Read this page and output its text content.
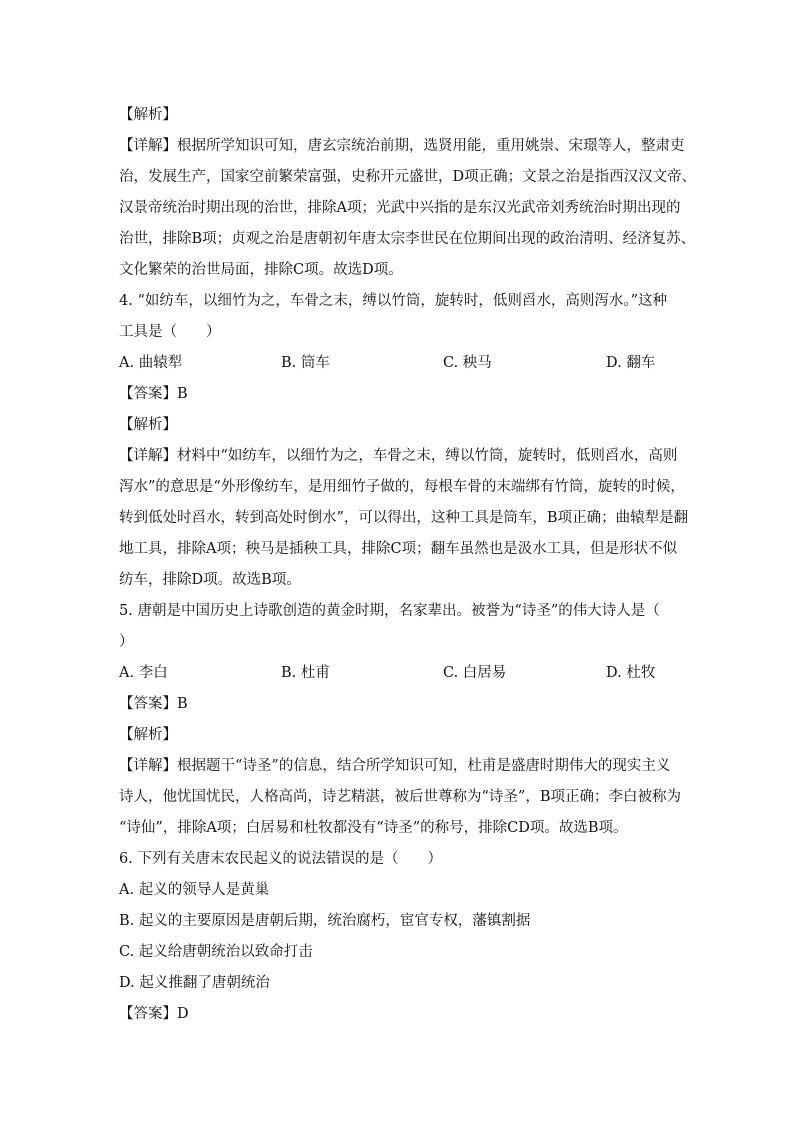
【解析】
【详解】根据所学知识可知，唐玄宗统治前期，选贤用能，重用姚崇、宋璟等人，整肃吏
治，发展生产，国家空前繁荣富强，史称开元盛世，D项正确；文景之治是指西汉汉文帝、
汉景帝统治时期出现的治世，排除A项；光武中兴指的是东汉光武帝刘秀统治时期出现的
治世，排除B项；贞观之治是唐朝初年唐太宗李世民在位期间出现的政治清明、经济复苏、
文化繁荣的治世局面，排除C项。故选D项。
4. “如纺车，以细竹为之，车骨之末，缚以竹筒，旋转时，低则舀水，高则泻水。”这种
工具是（　　）
A. 曲辕犁	B. 筒车	C. 秧马	D. 翻车
【答案】B
【解析】
【详解】材料中“如纺车，以细竹为之，车骨之末，缚以竹筒，旋转时，低则舀水，高则
泻水”的意思是“外形像纺车，是用细竹子做的，每根车骨的末端绑有竹筒，旋转的时候，
转到低处时舀水，转到高处时倒水”，可以得出，这种工具是筒车，B项正确；曲辕犁是翻
地工具，排除A项；秧马是插秧工具，排除C项；翻车虽然也是汲水工具，但是形状不似
纺车，排除D项。故选B项。
5. 唐朝是中国历史上诗歌创造的黄金时期，名家辈出。被誉为“诗圣”的伟大诗人是（
）
A. 李白	B. 杜甫	C. 白居易	D. 杜牧
【答案】B
【解析】
【详解】根据题干“诗圣”的信息，结合所学知识可知，杜甫是盛唐时期伟大的现实主义
诗人，他忧国忧民，人格高尚，诗艺精湛，被后世尊称为“诗圣”，B项正确；李白被称为
“诗仙”，排除A项；白居易和杜牧都没有“诗圣”的称号，排除CD项。故选B项。
6. 下列有关唐末农民起义的说法错误的是（　　）
A. 起义的领导人是黄巢
B. 起义的主要原因是唐朝后期，统治腐朽，宦官专权，藩镇割据
C. 起义给唐朝统治以致命打击
D. 起义推翻了唐朝统治
【答案】D
